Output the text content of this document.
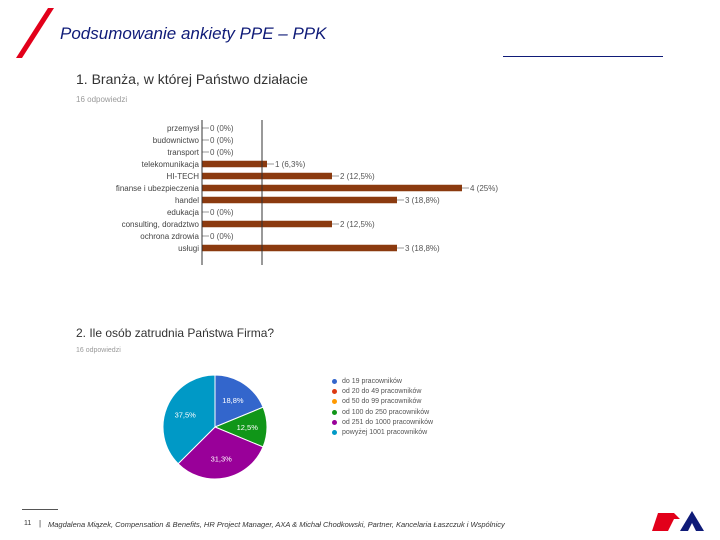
Podsumowanie ankiety PPE – PPK
1. Branża, w której Państwo działacie
16 odpowiedzi
przemysł 0 (0%)
budownictwo 0 (0%)
transport 0 (0%)
telekomunikacja	1 (6,3%)
HI-TECH	2 (12,5%)
finanse i ubezpieczenia	4 (25%)
handel	3 (18,8%)
edukacja 0 (0%)
consulting, doradztwo	2 (12,5%)
ochrona zdrowia 0 (0%)
usługi	3 (18,8%)
2. Ile osób zatrudnia Państwa Firma?
16 odpowiedzi
18,8%
12,5%
31,3%
37,5%
do 19 pracowników
od 20 do 49 pracowników
od 50 do 99 pracowników
od 100 do 250 pracowników
od 251 do 1000 pracowników
powyżej 1001 pracowników
11 | Magdalena Miązek, Compensation & Benefits, HR Project Manager, AXA & Michał Chodkowski, Partner, Kancelaria Łaszczuk i Wspólnicy
